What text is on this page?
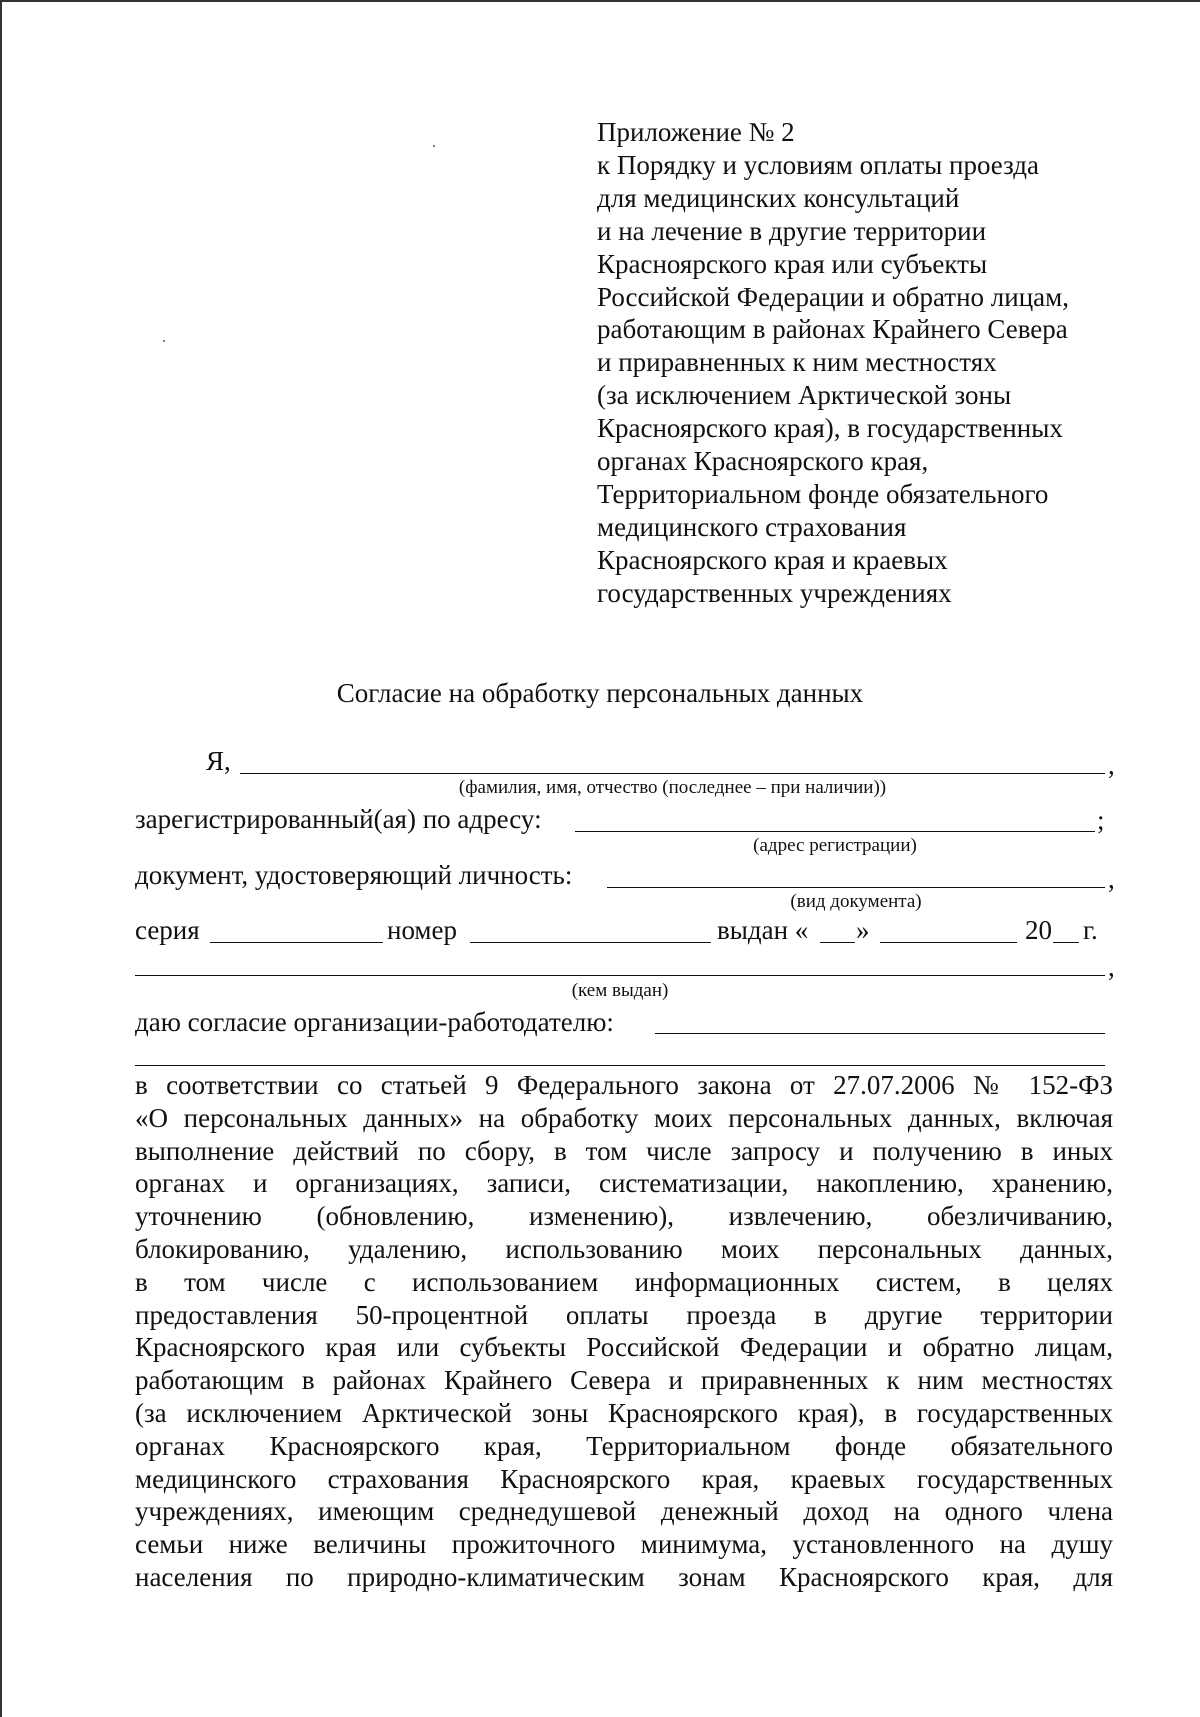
Приложение № 2
к Порядку и условиям оплаты проезда
для медицинских консультаций
и на лечение в другие территории
Красноярского края или субъекты
Российской Федерации и обратно лицам,
работающим в районах Крайнего Севера
и приравненных к ним местностях
(за исключением Арктической зоны
Красноярского края), в государственных
органах Красноярского края,
Территориальном фонде обязательного
медицинского страхования
Красноярского края и краевых
государственных учреждениях
Согласие на обработку персональных данных
Я,	,
(фамилия, имя, отчество (последнее – при наличии))
зарегистрированный(ая) по адресу:	;
(адрес регистрации)
документ, удостоверяющий личность:	,
(вид документа)
серия	номер	выдан « »	20 г.
,
(кем выдан)
даю согласие организации-работодателю:
в соответствии со статьей 9 Федерального закона от 27.07.2006 № 152-ФЗ
«О персональных данных» на обработку моих персональных данных, включая
выполнение действий по сбору, в том числе запросу и получению в иных
органах и организациях, записи, систематизации, накоплению, хранению,
уточнению (обновлению, изменению), извлечению, обезличиванию,
блокированию, удалению, использованию моих персональных данных,
в том числе с использованием информационных систем, в целях
предоставления 50-процентной оплаты проезда в другие территории
Красноярского края или субъекты Российской Федерации и обратно лицам,
работающим в районах Крайнего Севера и приравненных к ним местностях
(за исключением Арктической зоны Красноярского края), в государственных
органах Красноярского края, Территориальном фонде обязательного
медицинского страхования Красноярского края, краевых государственных
учреждениях, имеющим среднедушевой денежный доход на одного члена
семьи ниже величины прожиточного минимума, установленного на душу
населения по природно-климатическим зонам Красноярского края, для
